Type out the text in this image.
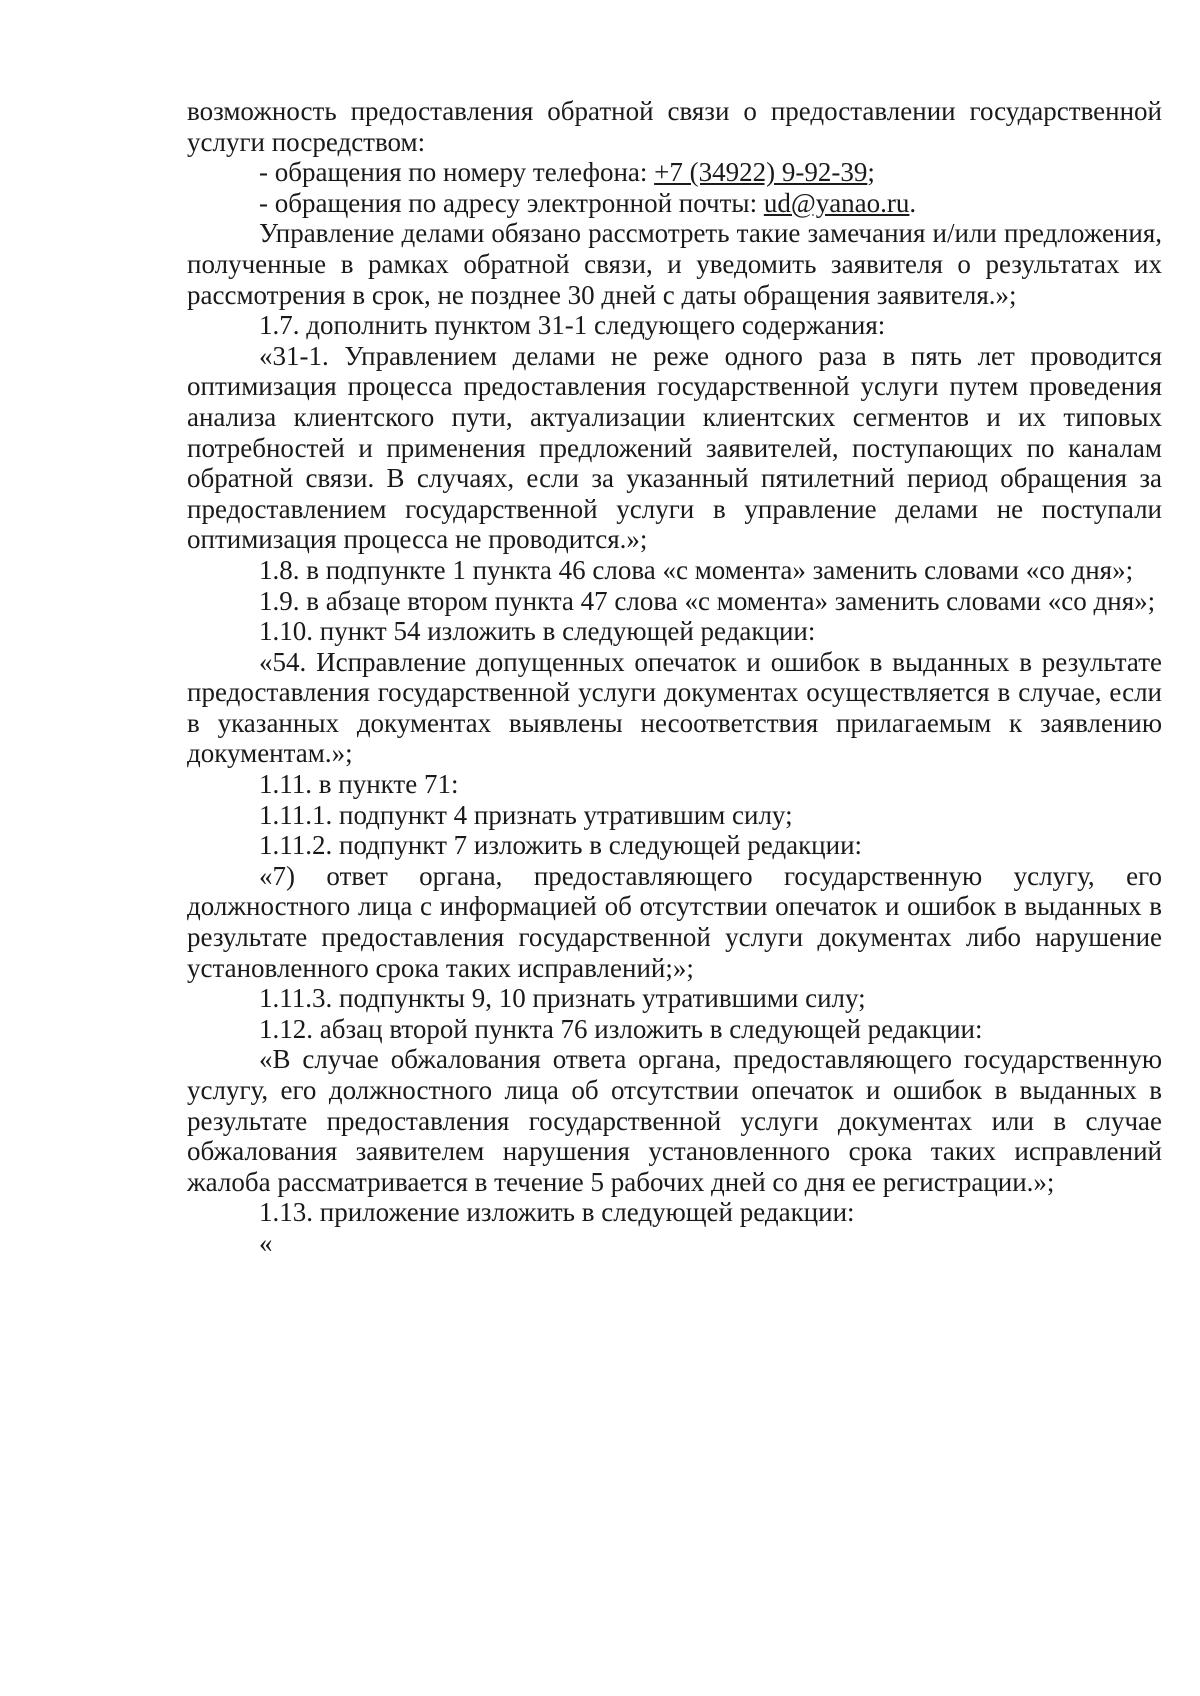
возможность предоставления обратной связи о предоставлении государственной услуги посредством:

- обращения по номеру телефона: +7 (34922) 9-92-39;

- обращения по адресу электронной почты: ud@yanao.ru.

Управление делами обязано рассмотреть такие замечания и/или предложения, полученные в рамках обратной связи, и уведомить заявителя о результатах их рассмотрения в срок, не позднее 30 дней с даты обращения заявителя.»;

1.7. дополнить пунктом 31-1 следующего содержания:

«31-1. Управлением делами не реже одного раза в пять лет проводится оптимизация процесса предоставления государственной услуги путем проведения анализа клиентского пути, актуализации клиентских сегментов и их типовых потребностей и применения предложений заявителей, поступающих по каналам обратной связи. В случаях, если за указанный пятилетний период обращения за предоставлением государственной услуги в управление делами не поступали оптимизация процесса не проводится.»;

1.8. в подпункте 1 пункта 46 слова «с момента» заменить словами «со дня»;

1.9. в абзаце втором пункта 47 слова «с момента» заменить словами «со дня»;

1.10. пункт 54 изложить в следующей редакции:

«54. Исправление допущенных опечаток и ошибок в выданных в результате предоставления государственной услуги документах осуществляется в случае, если в указанных документах выявлены несоответствия прилагаемым к заявлению документам.»;

1.11. в пункте 71:

1.11.1. подпункт 4 признать утратившим силу;

1.11.2. подпункт 7 изложить в следующей редакции:

«7) ответ органа, предоставляющего государственную услугу, его должностного лица с информацией об отсутствии опечаток и ошибок в выданных в результате предоставления государственной услуги документах либо нарушение установленного срока таких исправлений;»;

1.11.3. подпункты 9, 10 признать утратившими силу;

1.12. абзац второй пункта 76 изложить в следующей редакции:

«В случае обжалования ответа органа, предоставляющего государственную услугу, его должностного лица об отсутствии опечаток и ошибок в выданных в результате предоставления государственной услуги документах или в случае обжалования заявителем нарушения установленного срока таких исправлений жалоба рассматривается в течение 5 рабочих дней со дня ее регистрации.»;

1.13. приложение изложить в следующей редакции:

«
